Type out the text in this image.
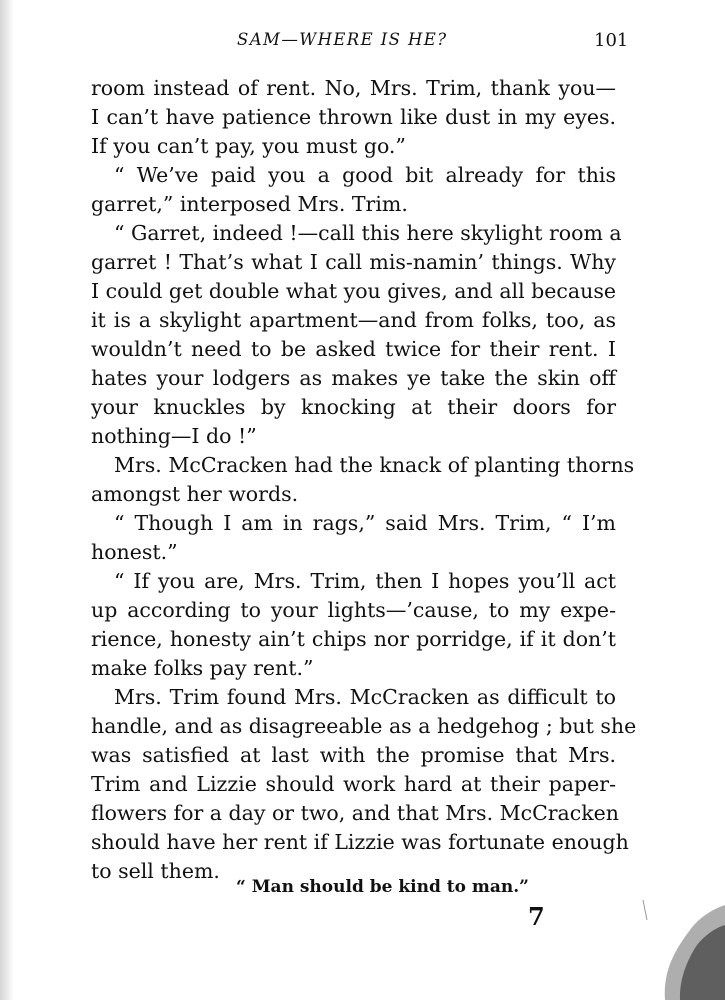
SAM—WHERE IS HE?	101
room instead of rent. No, Mrs. Trim, thank you—
I can’t have patience thrown like dust in my eyes.
If you can’t pay, you must go.”
“ We’ve paid you a good bit already for this
garret,” interposed Mrs. Trim.
“ Garret, indeed !—call this here skylight room a
garret ! That’s what I call mis-namin’ things. Why
I could get double what you gives, and all because
it is a skylight apartment—and from folks, too, as
wouldn’t need to be asked twice for their rent. I
hates your lodgers as makes ye take the skin off
your knuckles by knocking at their doors for
nothing—I do !”
Mrs. McCracken had the knack of planting thorns
amongst her words.
“ Though I am in rags,” said Mrs. Trim, “ I’m
honest.”
“ If you are, Mrs. Trim, then I hopes you’ll act
up according to your lights—’cause, to my expe-
rience, honesty ain’t chips nor porridge, if it don’t
make folks pay rent.”
Mrs. Trim found Mrs. McCracken as difficult to
handle, and as disagreeable as a hedgehog ; but she
was satisfied at last with the promise that Mrs.
Trim and Lizzie should work hard at their paper-
flowers for a day or two, and that Mrs. McCracken
should have her rent if Lizzie was fortunate enough
to sell them.
“ Man should be kind to man.”
7
